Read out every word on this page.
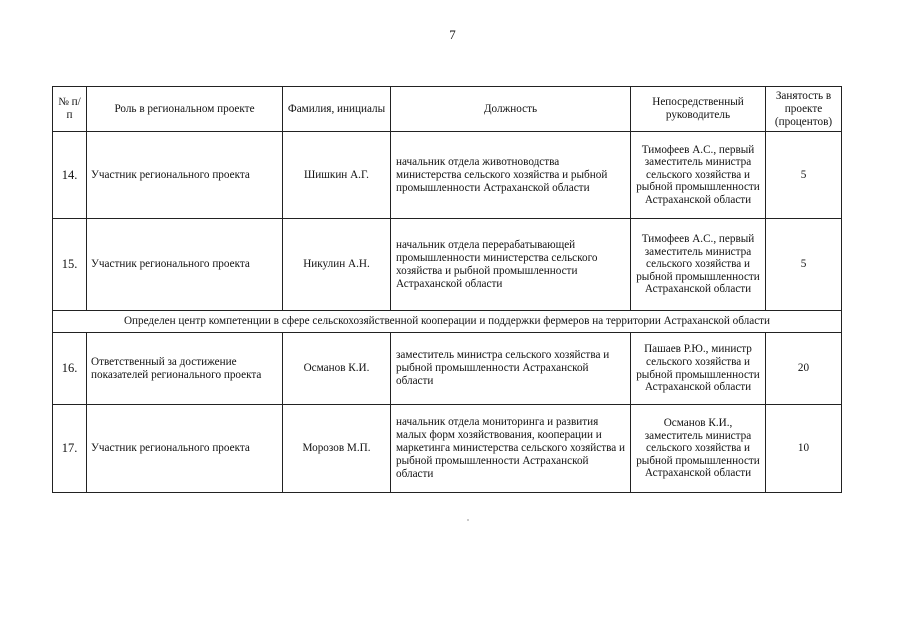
7
№ п/п	Роль в региональном проекте	Фамилия, инициалы	Должность	Непосредственный руководитель	Занятость в проекте (процентов)
14.	Участник регионального проекта	Шишкин А.Г.	начальник отдела животноводства министерства сельского хозяйства и рыбной промышленности Астраханской области	Тимофеев А.С., первый заместитель министра сельского хозяйства и рыбной промышленности Астраханской области	5
15.	Участник регионального проекта	Никулин А.Н.	начальник отдела перерабатывающей промышленности министерства сельского хозяйства и рыбной промышленности Астраханской области	Тимофеев А.С., первый заместитель министра сельского хозяйства и рыбной промышленности Астраханской области	5
Определен центр компетенции в сфере сельскохозяйственной кооперации и поддержки фермеров на территории Астраханской области					
16.	Ответственный за достижение показателей регионального проекта	Османов К.И.	заместитель министра сельского хозяйства и рыбной промышленности Астраханской области	Пашаев Р.Ю., министр сельского хозяйства и рыбной промышленности Астраханской области	20
17.	Участник регионального проекта	Морозов М.П.	начальник отдела мониторинга и развития малых форм хозяйствования, кооперации и маркетинга министерства сельского хозяйства и рыбной промышленности Астраханской области	Османов К.И., заместитель министра сельского хозяйства и рыбной промышленности Астраханской области	10
